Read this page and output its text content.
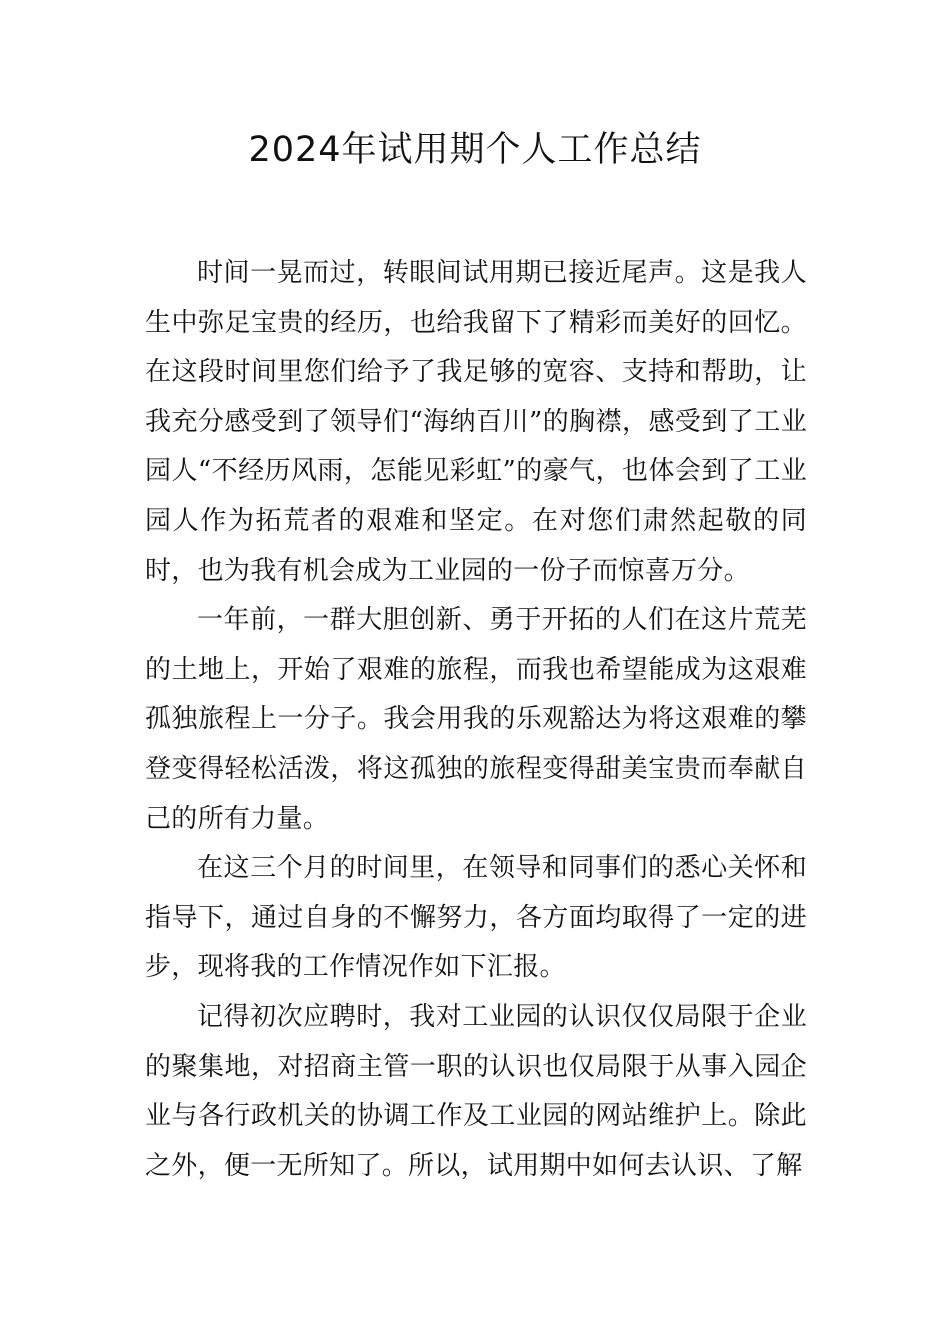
2024年试用期个人工作总结

时间一晃而过，转眼间试用期已接近尾声。这是我人生中弥足宝贵的经历，也给我留下了精彩而美好的回忆。在这段时间里您们给予了我足够的宽容、支持和帮助，让我充分感受到了领导们“海纳百川”的胸襟，感受到了工业园人“不经历风雨，怎能见彩虹”的豪气，也体会到了工业园人作为拓荒者的艰难和坚定。在对您们肃然起敬的同时，也为我有机会成为工业园的一份子而惊喜万分。

一年前，一群大胆创新、勇于开拓的人们在这片荒芜的土地上，开始了艰难的旅程，而我也希望能成为这艰难孤独旅程上一分子。我会用我的乐观豁达为将这艰难的攀登变得轻松活泼，将这孤独的旅程变得甜美宝贵而奉献自己的所有力量。

在这三个月的时间里，在领导和同事们的悉心关怀和指导下，通过自身的不懈努力，各方面均取得了一定的进步，现将我的工作情况作如下汇报。

记得初次应聘时，我对工业园的认识仅仅局限于企业的聚集地，对招商主管一职的认识也仅局限于从事入园企业与各行政机关的协调工作及工业园的网站维护上。除此之外，便一无所知了。所以，试用期中如何去认识、了解
